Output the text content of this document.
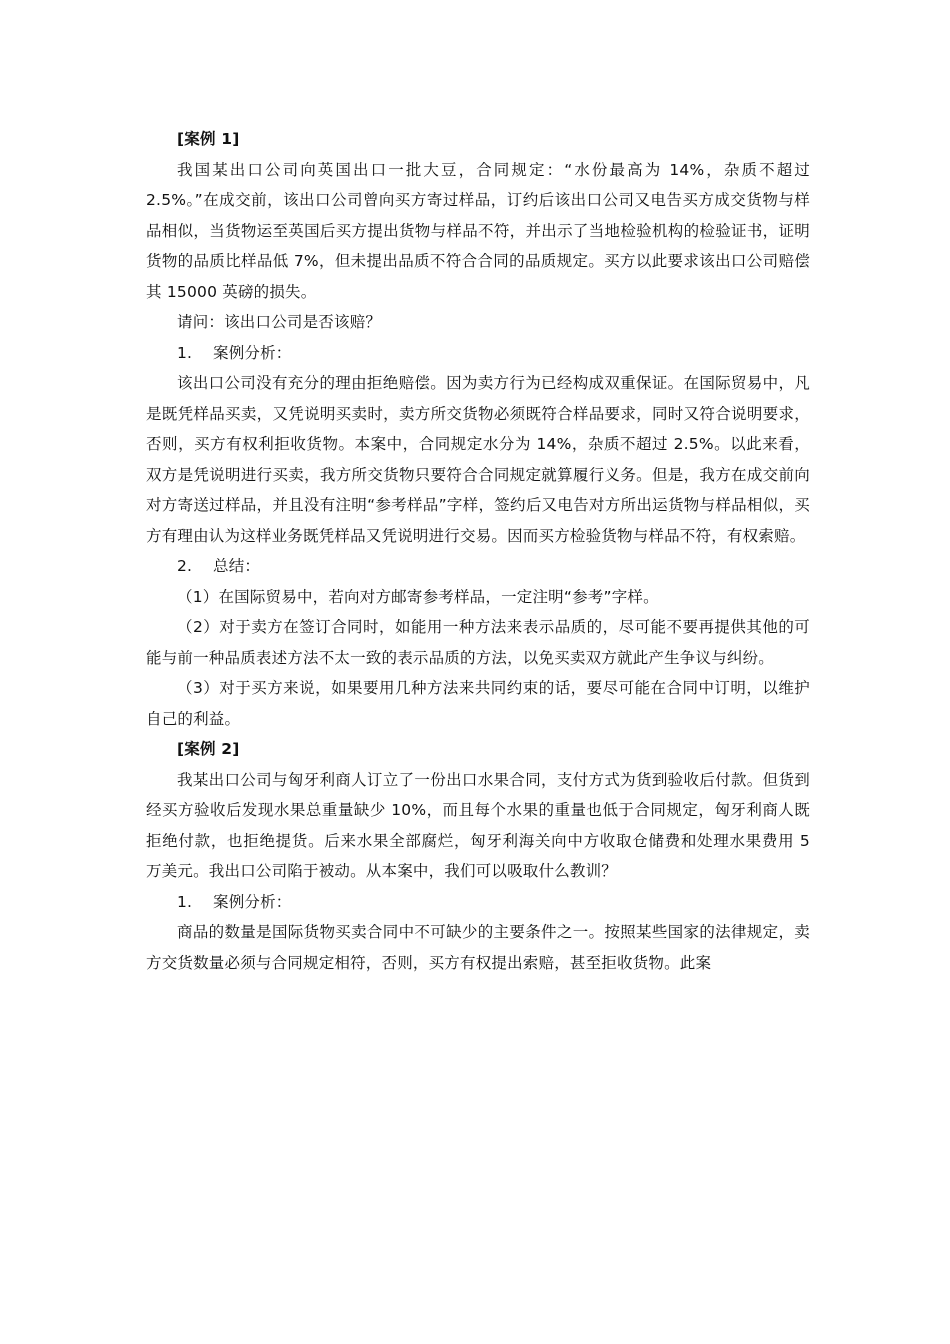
[案例 1]

我国某出口公司向英国出口一批大豆，合同规定：“水份最高为 14%，杂质不超过 2.5%。”在成交前，该出口公司曾向买方寄过样品，订约后该出口公司又电告买方成交货物与样品相似，当货物运至英国后买方提出货物与样品不符，并出示了当地检验机构的检验证书，证明货物的品质比样品低 7%，但未提出品质不符合合同的品质规定。买方以此要求该出口公司赔偿其 15000 英磅的损失。

请问：该出口公司是否该赔？

1. 案例分析：

该出口公司没有充分的理由拒绝赔偿。因为卖方行为已经构成双重保证。在国际贸易中，凡是既凭样品买卖，又凭说明买卖时，卖方所交货物必须既符合样品要求，同时又符合说明要求，否则，买方有权利拒收货物。本案中，合同规定水分为 14%，杂质不超过 2.5%。以此来看，双方是凭说明进行买卖，我方所交货物只要符合合同规定就算履行义务。但是，我方在成交前向对方寄送过样品，并且没有注明“参考样品”字样，签约后又电告对方所出运货物与样品相似，买方有理由认为这样业务既凭样品又凭说明进行交易。因而买方检验货物与样品不符，有权索赔。

2. 总结：

（1）在国际贸易中，若向对方邮寄参考样品，一定注明“参考”字样。

（2）对于卖方在签订合同时，如能用一种方法来表示品质的，尽可能不要再提供其他的可能与前一种品质表述方法不太一致的表示品质的方法，以免买卖双方就此产生争议与纠纷。

（3）对于买方来说，如果要用几种方法来共同约束的话，要尽可能在合同中订明，以维护自己的利益。

[案例 2]

我某出口公司与匈牙利商人订立了一份出口水果合同，支付方式为货到验收后付款。但货到经买方验收后发现水果总重量缺少 10%，而且每个水果的重量也低于合同规定，匈牙利商人既拒绝付款，也拒绝提货。后来水果全部腐烂，匈牙利海关向中方收取仓储费和处理水果费用 5 万美元。我出口公司陷于被动。从本案中，我们可以吸取什么教训？

1. 案例分析：

商品的数量是国际货物买卖合同中不可缺少的主要条件之一。按照某些国家的法律规定，卖方交货数量必须与合同规定相符，否则，买方有权提出索赔，甚至拒收货物。此案
